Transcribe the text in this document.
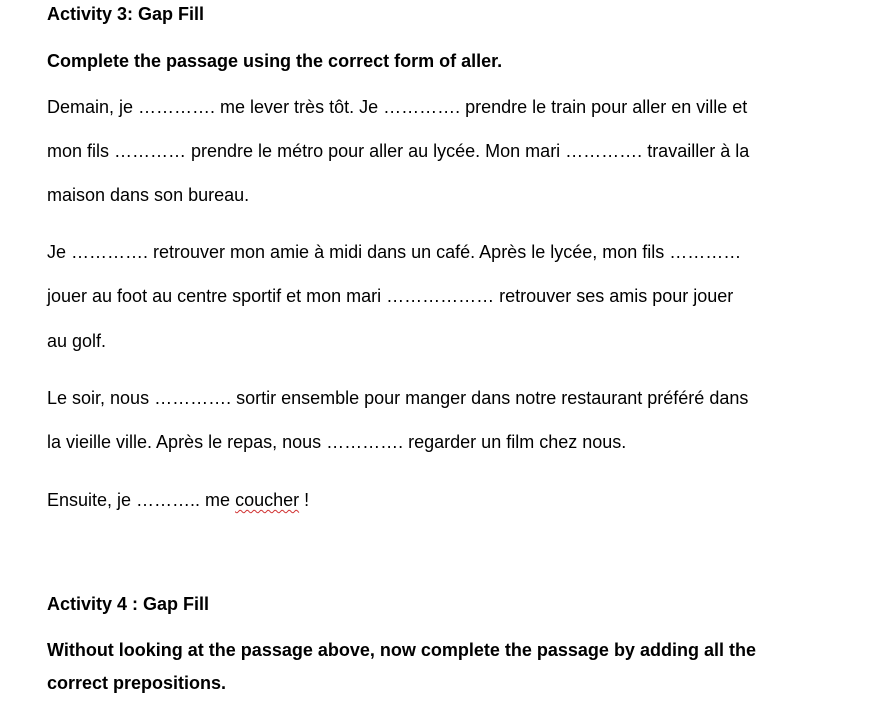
Activity 3: Gap Fill
Complete the passage using the correct form of aller.
Demain, je …………. me lever très tôt. Je …………. prendre le train pour aller en ville et
mon fils ………… prendre le métro pour aller au lycée. Mon mari …………. travailler à la
maison dans son bureau.
Je …………. retrouver mon amie à midi dans un café. Après le lycée, mon fils …………
jouer au foot au centre sportif et mon mari ……………… retrouver ses amis pour jouer
au golf.
Le soir, nous …………. sortir ensemble pour manger dans notre restaurant préféré dans
la vieille ville. Après le repas, nous …………. regarder un film chez nous.
Ensuite, je ……….. me coucher !
Activity 4 : Gap Fill
Without looking at the passage above, now complete the passage by adding all the correct prepositions.
